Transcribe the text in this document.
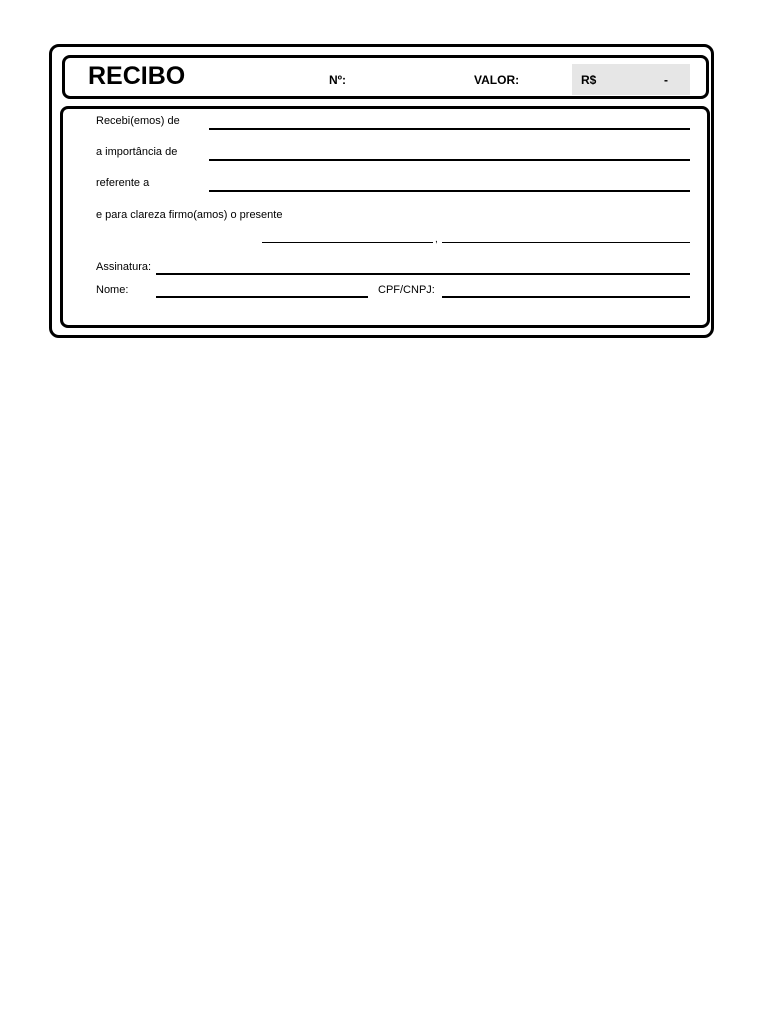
RECIBO	Nº:	VALOR:	R$	-
Recebi(emos) de
a importância de
referente a
e para clareza firmo(amos) o presente
,
Assinatura:
Nome:	CPF/CNPJ:
